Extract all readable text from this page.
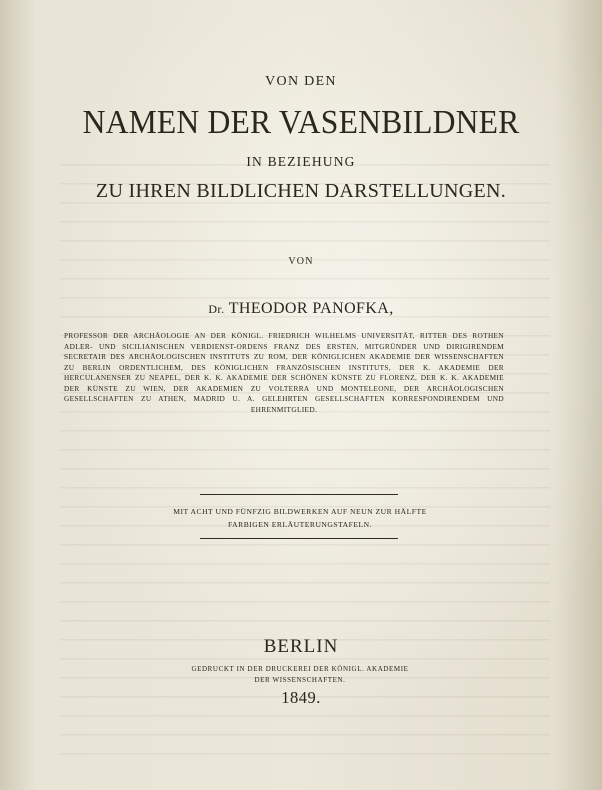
VON DEN
NAMEN DER VASENBILDNER
IN BEZIEHUNG
ZU IHREN BILDLICHEN DARSTELLUNGEN.
VON
Dr. THEODOR PANOFKA,
PROFESSOR DER ARCHÄOLOGIE AN DER KÖNIGL. FRIEDRICH WILHELMS UNIVERSITÄT, RITTER DES ROTHEN ADLER- UND SICILIANISCHEN VERDIENST-ORDENS FRANZ DES ERSTEN, MITGRÜNDER UND DIRIGIRENDEM SECRETAIR DES ARCHÄOLOGISCHEN INSTITUTS ZU ROM, DER KÖNIGLICHEN AKADEMIE DER WISSENSCHAFTEN ZU BERLIN ORDENTLICHEM, DES KÖNIGLICHEN FRANZÖSISCHEN INSTITUTS, DER K. AKADEMIE DER HERCULANENSER ZU NEAPEL, DER K. K. AKADEMIE DER SCHÖNEN KÜNSTE ZU FLORENZ, DER K. K. AKADEMIE DER KÜNSTE ZU WIEN, DER AKADEMIEN ZU VOLTERRA UND MONTELEONE, DER ARCHÄOLOGISCHEN GESELLSCHAFTEN ZU ATHEN, MADRID U. A. GELEHRTEN GESELLSCHAFTEN KORRESPONDIRENDEM UND EHRENMITGLIED.
MIT ACHT UND FÜNFZIG BILDWERKEN AUF NEUN ZUR HÄLFTE
FARBIGEN ERLÄUTERUNGSTAFELN.
BERLIN
GEDRUCKT IN DER DRUCKEREI DER KÖNIGL. AKADEMIE
DER WISSENSCHAFTEN.
1849.
